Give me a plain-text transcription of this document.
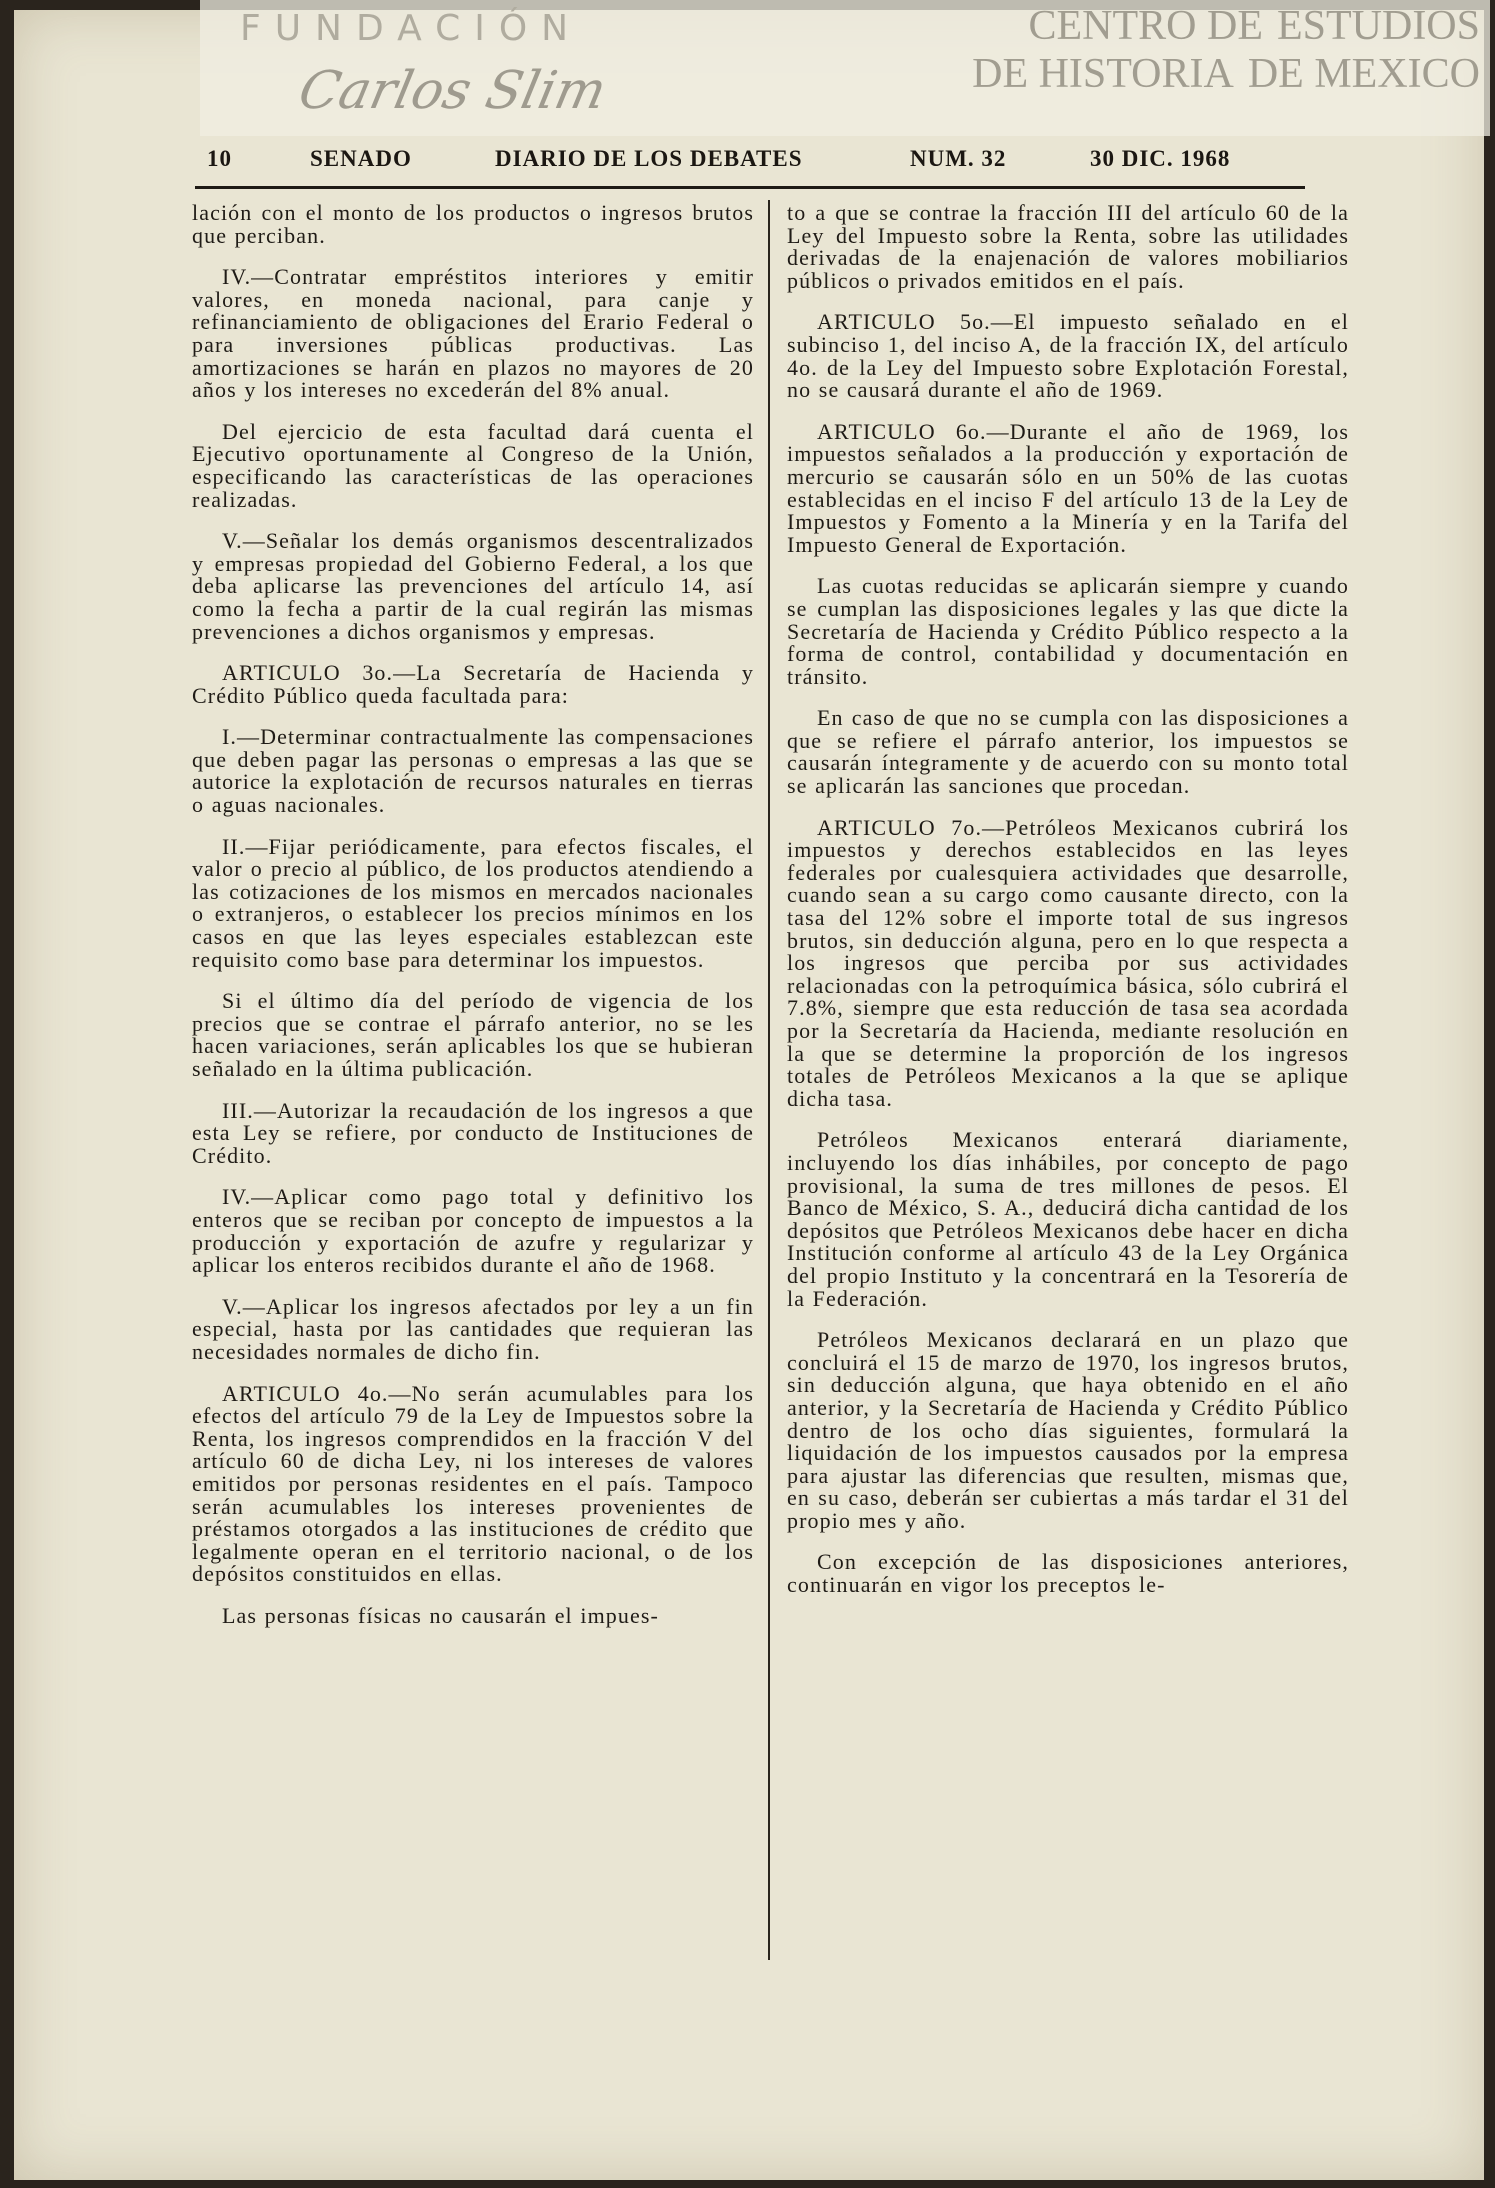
CENTRO DE ESTUDIOS
DE HISTORIA DE MEXICO
FUNDACIÓN
Carlos Slim
10	SENADO	DIARIO DE LOS DEBATES	NUM. 32	30 DIC. 1968

lación con el monto de los productos o ingresos brutos que perciban.

IV.—Contratar empréstitos interiores y emitir valores, en moneda nacional, para canje y refinanciamiento de obligaciones del Erario Federal o para inversiones públicas productivas. Las amortizaciones se harán en plazos no mayores de 20 años y los intereses no excederán del 8% anual.

Del ejercicio de esta facultad dará cuenta el Ejecutivo oportunamente al Congreso de la Unión, especificando las características de las operaciones realizadas.

V.—Señalar los demás organismos descentralizados y empresas propiedad del Gobierno Federal, a los que deba aplicarse las prevenciones del artículo 14, así como la fecha a partir de la cual regirán las mismas prevenciones a dichos organismos y empresas.

ARTICULO 3o.—La Secretaría de Hacienda y Crédito Público queda facultada para:

I.—Determinar contractualmente las compensaciones que deben pagar las personas o empresas a las que se autorice la explotación de recursos naturales en tierras o aguas nacionales.

II.—Fijar periódicamente, para efectos fiscales, el valor o precio al público, de los productos atendiendo a las cotizaciones de los mismos en mercados nacionales o extranjeros, o establecer los precios mínimos en los casos en que las leyes especiales establezcan este requisito como base para determinar los impuestos.

Si el último día del período de vigencia de los precios que se contrae el párrafo anterior, no se les hacen variaciones, serán aplicables los que se hubieran señalado en la última publicación.

III.—Autorizar la recaudación de los ingresos a que esta Ley se refiere, por conducto de Instituciones de Crédito.

IV.—Aplicar como pago total y definitivo los enteros que se reciban por concepto de impuestos a la producción y exportación de azufre y regularizar y aplicar los enteros recibidos durante el año de 1968.

V.—Aplicar los ingresos afectados por ley a un fin especial, hasta por las cantidades que requieran las necesidades normales de dicho fin.

ARTICULO 4o.—No serán acumulables para los efectos del artículo 79 de la Ley de Impuestos sobre la Renta, los ingresos comprendidos en la fracción V del artículo 60 de dicha Ley, ni los intereses de valores emitidos por personas residentes en el país. Tampoco serán acumulables los intereses provenientes de préstamos otorgados a las instituciones de crédito que legalmente operan en el territorio nacional, o de los depósitos constituidos en ellas.

Las personas físicas no causarán el impues-

to a que se contrae la fracción III del artículo 60 de la Ley del Impuesto sobre la Renta, sobre las utilidades derivadas de la enajenación de valores mobiliarios públicos o privados emitidos en el país.

ARTICULO 5o.—El impuesto señalado en el subinciso 1, del inciso A, de la fracción IX, del artículo 4o. de la Ley del Impuesto sobre Explotación Forestal, no se causará durante el año de 1969.

ARTICULO 6o.—Durante el año de 1969, los impuestos señalados a la producción y exportación de mercurio se causarán sólo en un 50% de las cuotas establecidas en el inciso F del artículo 13 de la Ley de Impuestos y Fomento a la Minería y en la Tarifa del Impuesto General de Exportación.

Las cuotas reducidas se aplicarán siempre y cuando se cumplan las disposiciones legales y las que dicte la Secretaría de Hacienda y Crédito Público respecto a la forma de control, contabilidad y documentación en tránsito.

En caso de que no se cumpla con las disposiciones a que se refiere el párrafo anterior, los impuestos se causarán íntegramente y de acuerdo con su monto total se aplicarán las sanciones que procedan.

ARTICULO 7o.—Petróleos Mexicanos cubrirá los impuestos y derechos establecidos en las leyes federales por cualesquiera actividades que desarrolle, cuando sean a su cargo como causante directo, con la tasa del 12% sobre el importe total de sus ingresos brutos, sin deducción alguna, pero en lo que respecta a los ingresos que perciba por sus actividades relacionadas con la petroquímica básica, sólo cubrirá el 7.8%, siempre que esta reducción de tasa sea acordada por la Secretaría da Hacienda, mediante resolución en la que se determine la proporción de los ingresos totales de Petróleos Mexicanos a la que se aplique dicha tasa.

Petróleos Mexicanos enterará diariamente, incluyendo los días inhábiles, por concepto de pago provisional, la suma de tres millones de pesos. El Banco de México, S. A., deducirá dicha cantidad de los depósitos que Petróleos Mexicanos debe hacer en dicha Institución conforme al artículo 43 de la Ley Orgánica del propio Instituto y la concentrará en la Tesorería de la Federación.

Petróleos Mexicanos declarará en un plazo que concluirá el 15 de marzo de 1970, los ingresos brutos, sin deducción alguna, que haya obtenido en el año anterior, y la Secretaría de Hacienda y Crédito Público dentro de los ocho días siguientes, formulará la liquidación de los impuestos causados por la empresa para ajustar las diferencias que resulten, mismas que, en su caso, deberán ser cubiertas a más tardar el 31 del propio mes y año.

Con excepción de las disposiciones anteriores, continuarán en vigor los preceptos le-
